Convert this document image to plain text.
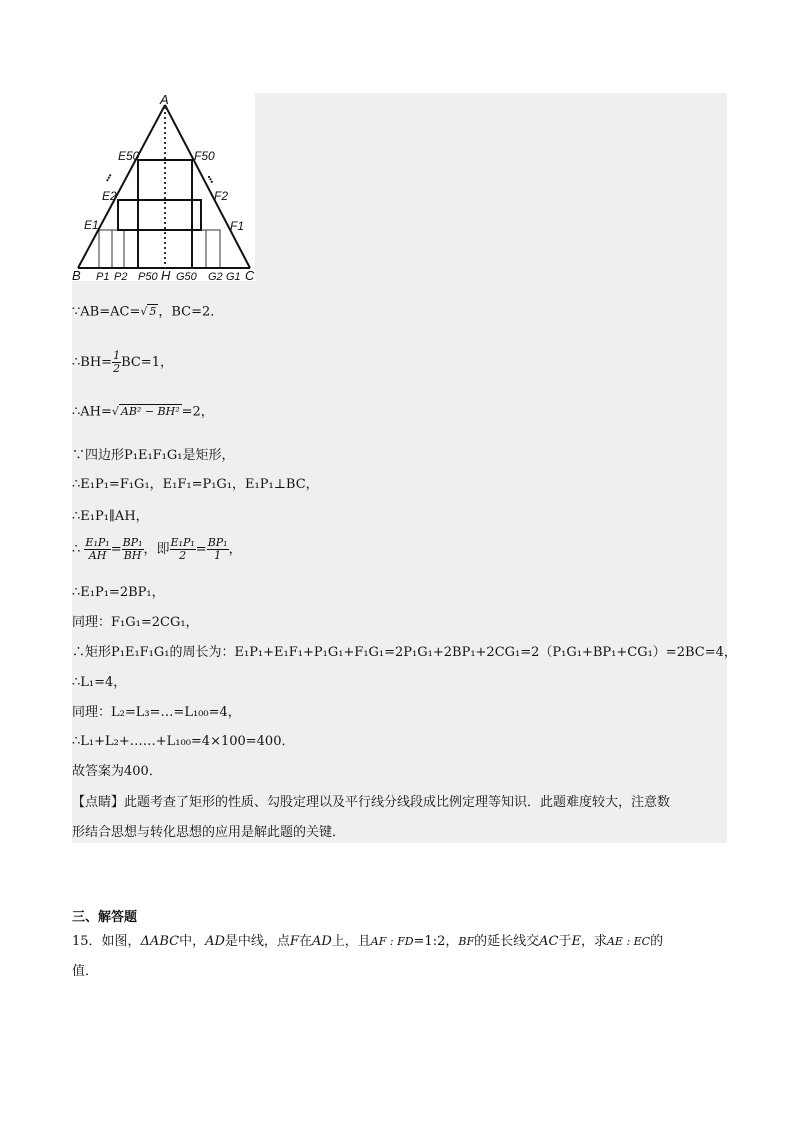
A
B	C
H
E50	F50
E2	F2
E1	F1
P1 P2 P50 G50 G2 G1
•••	•••
∵AB=AC=√ 5 ，BC=2．
∴BH= $\frac{1}{2} BC=1$，
∴AH=√ AB² − BH² =2，
∵四边形P₁E₁F₁G₁是矩形，
∴E₁P₁=F₁G₁，E₁F₁=P₁G₁，E₁P₁⊥BC，
∴E₁P₁∥AH，
∴ $\frac{\text{E₁P₁}}{AH} = \frac{\text{BP₁}}{BH}$ ，即 $\frac{\text{E₁P₁}}{2} = \frac{\text{BP₁}}{1}$ ，
∴E₁P₁=2BP₁，
同理：F₁G₁=2CG₁，
∴矩形P₁E₁F₁G₁的周长为：E₁P₁+E₁F₁+P₁G₁+F₁G₁=2P₁G₁+2BP₁+2CG₁=2（P₁G₁+BP₁+CG₁）=2BC=4，
∴L₁=4，
同理：L₂=L₃=…=L₁₀₀=4，
∴L₁+L₂+……+L₁₀₀=4×100=400．
故答案为400．
【点睛】此题考查了矩形的性质、勾股定理以及平行线分线段成比例定理等知识．此题难度较大，注意数
形结合思想与转化思想的应用是解此题的关键．
三、解答题
15．如图，ΔABC中，AD是中线，点F在AD上，且AF : FD=1:2，BF的延长线交AC于E，求AE : EC的
值．
